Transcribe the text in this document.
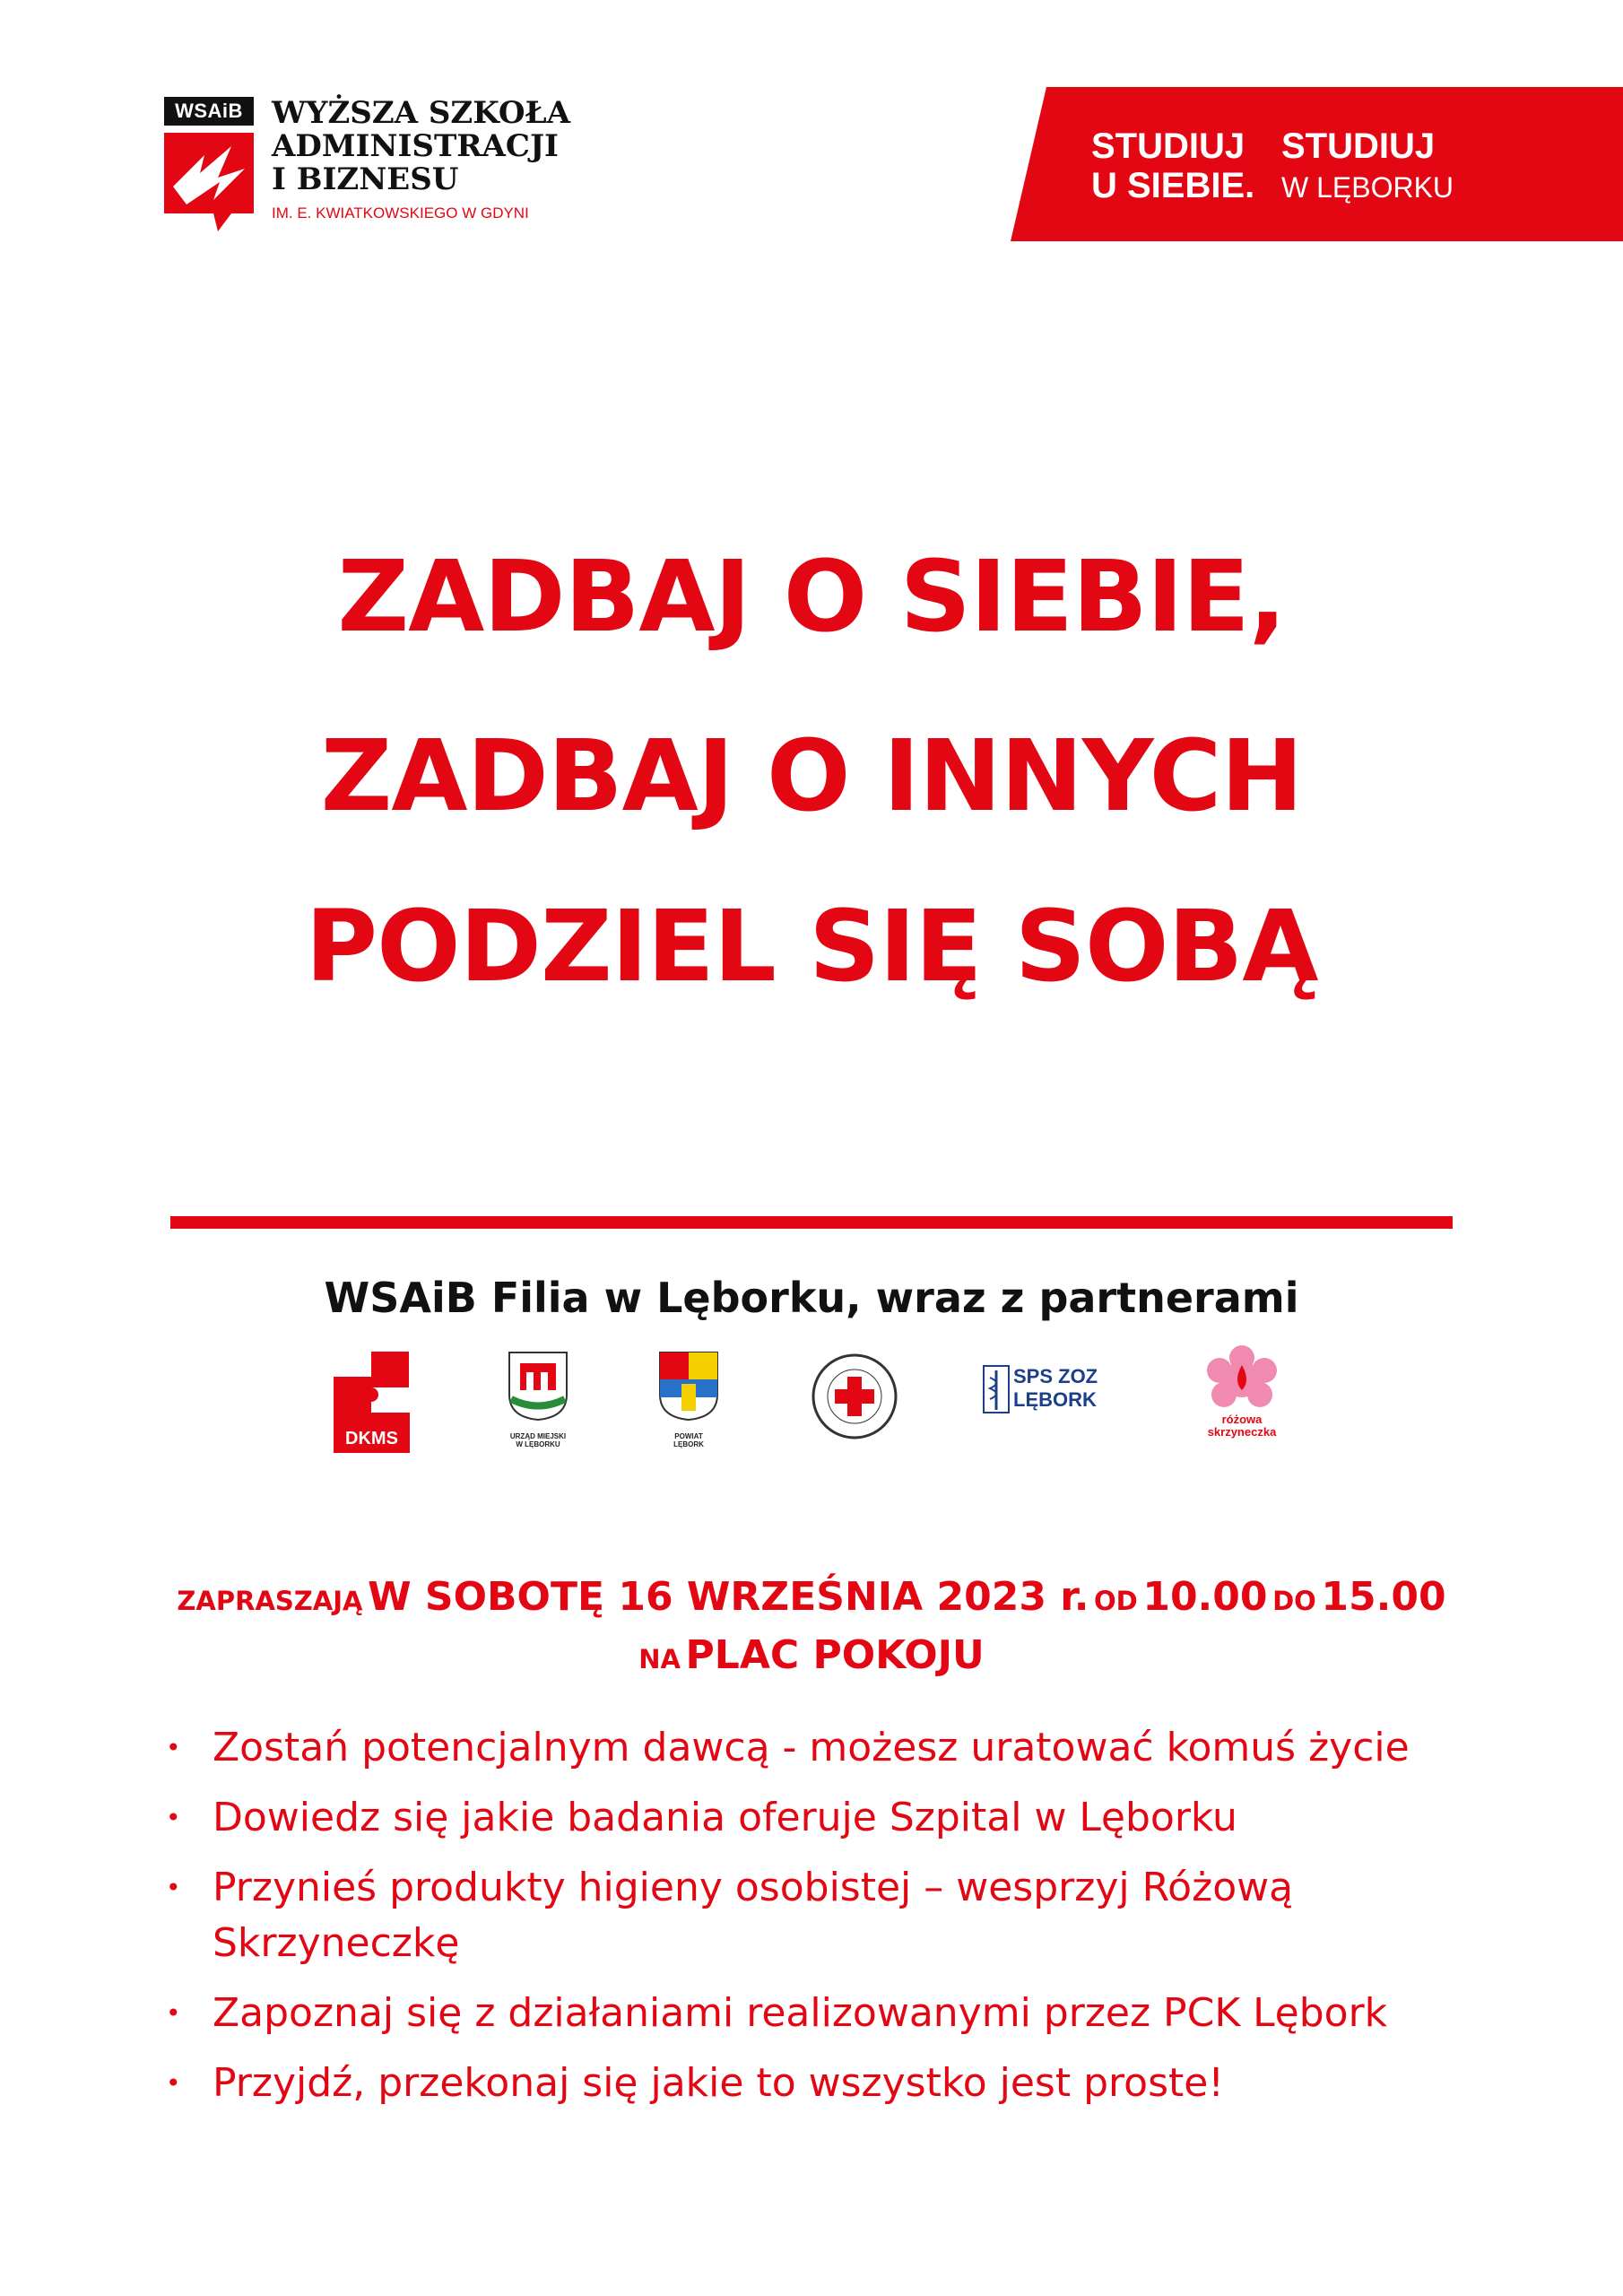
WSAiB WYŻSZA SZKOŁA
ADMINISTRACJI
I BIZNESU
IM. E. KWIATKOWSKIEGO W GDYNI
STUDIUJ STUDIUJ
U SIEBIE. W LĘBORKU
ZADBAJ O SIEBIE,
ZADBAJ O INNYCH
PODZIEL SIĘ SOBĄ
WSAiB Filia w Lęborku, wraz z partnerami
DKMS	URZĄD MIEJSKI
W LĘBORKU
POWIAT
LĘBORK
SPS ZOZ
LĘBORK
różowa
skrzyneczka
ZAPRASZAJĄ W SOBOTĘ 16 WRZEŚNIA 2023 r. OD 10.00 DO 15.00
NA PLAC POKOJU
• Zostań potencjalnym dawcą - możesz uratować komuś życie
• Dowiedz się jakie badania oferuje Szpital w Lęborku
• Przynieś produkty higieny osobistej – wesprzyj Różową Skrzyneczkę
• Zapoznaj się z działaniami realizowanymi przez PCK Lębork
• Przyjdź, przekonaj się jakie to wszystko jest proste!
